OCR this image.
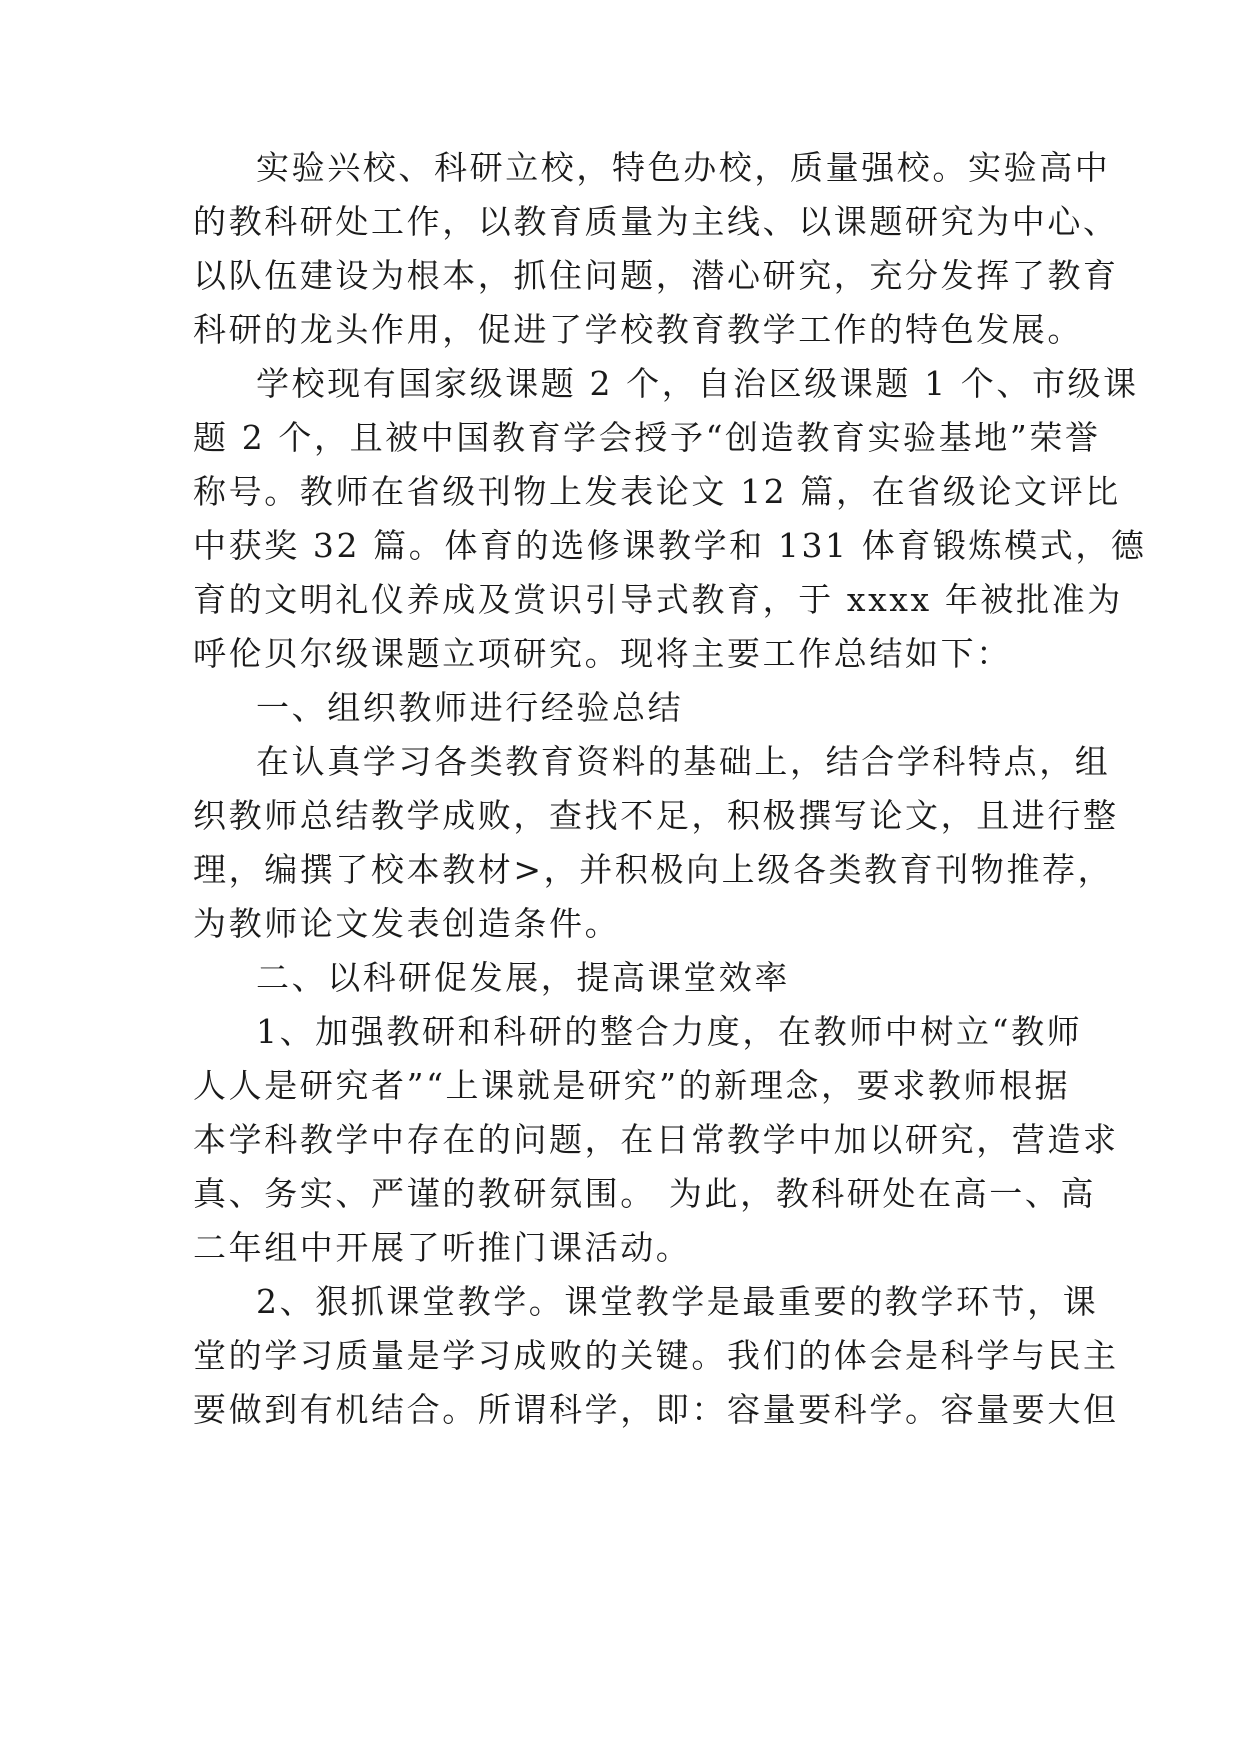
实验兴校、科研立校，特色办校，质量强校。实验高中
的教科研处工作，以教育质量为主线、以课题研究为中心、
以队伍建设为根本，抓住问题，潜心研究，充分发挥了教育
科研的龙头作用，促进了学校教育教学工作的特色发展。
学校现有国家级课题 2 个，自治区级课题 1 个、市级课
题 2 个，且被中国教育学会授予“创造教育实验基地”荣誉
称号。教师在省级刊物上发表论文 12 篇，在省级论文评比
中获奖 32 篇。体育的选修课教学和 131 体育锻炼模式，德
育的文明礼仪养成及赏识引导式教育，于 xxxx 年被批准为
呼伦贝尔级课题立项研究。现将主要工作总结如下：
一、组织教师进行经验总结
在认真学习各类教育资料的基础上，结合学科特点，组
织教师总结教学成败，查找不足，积极撰写论文，且进行整
理，编撰了校本教材>，并积极向上级各类教育刊物推荐，
为教师论文发表创造条件。
二、以科研促发展，提高课堂效率
1、加强教研和科研的整合力度，在教师中树立“教师
人人是研究者”“上课就是研究”的新理念，要求教师根据
本学科教学中存在的问题，在日常教学中加以研究，营造求
真、务实、严谨的教研氛围。 为此，教科研处在高一、高
二年组中开展了听推门课活动。
2、狠抓课堂教学。课堂教学是最重要的教学环节，课
堂的学习质量是学习成败的关键。我们的体会是科学与民主
要做到有机结合。所谓科学，即：容量要科学。容量要大但
